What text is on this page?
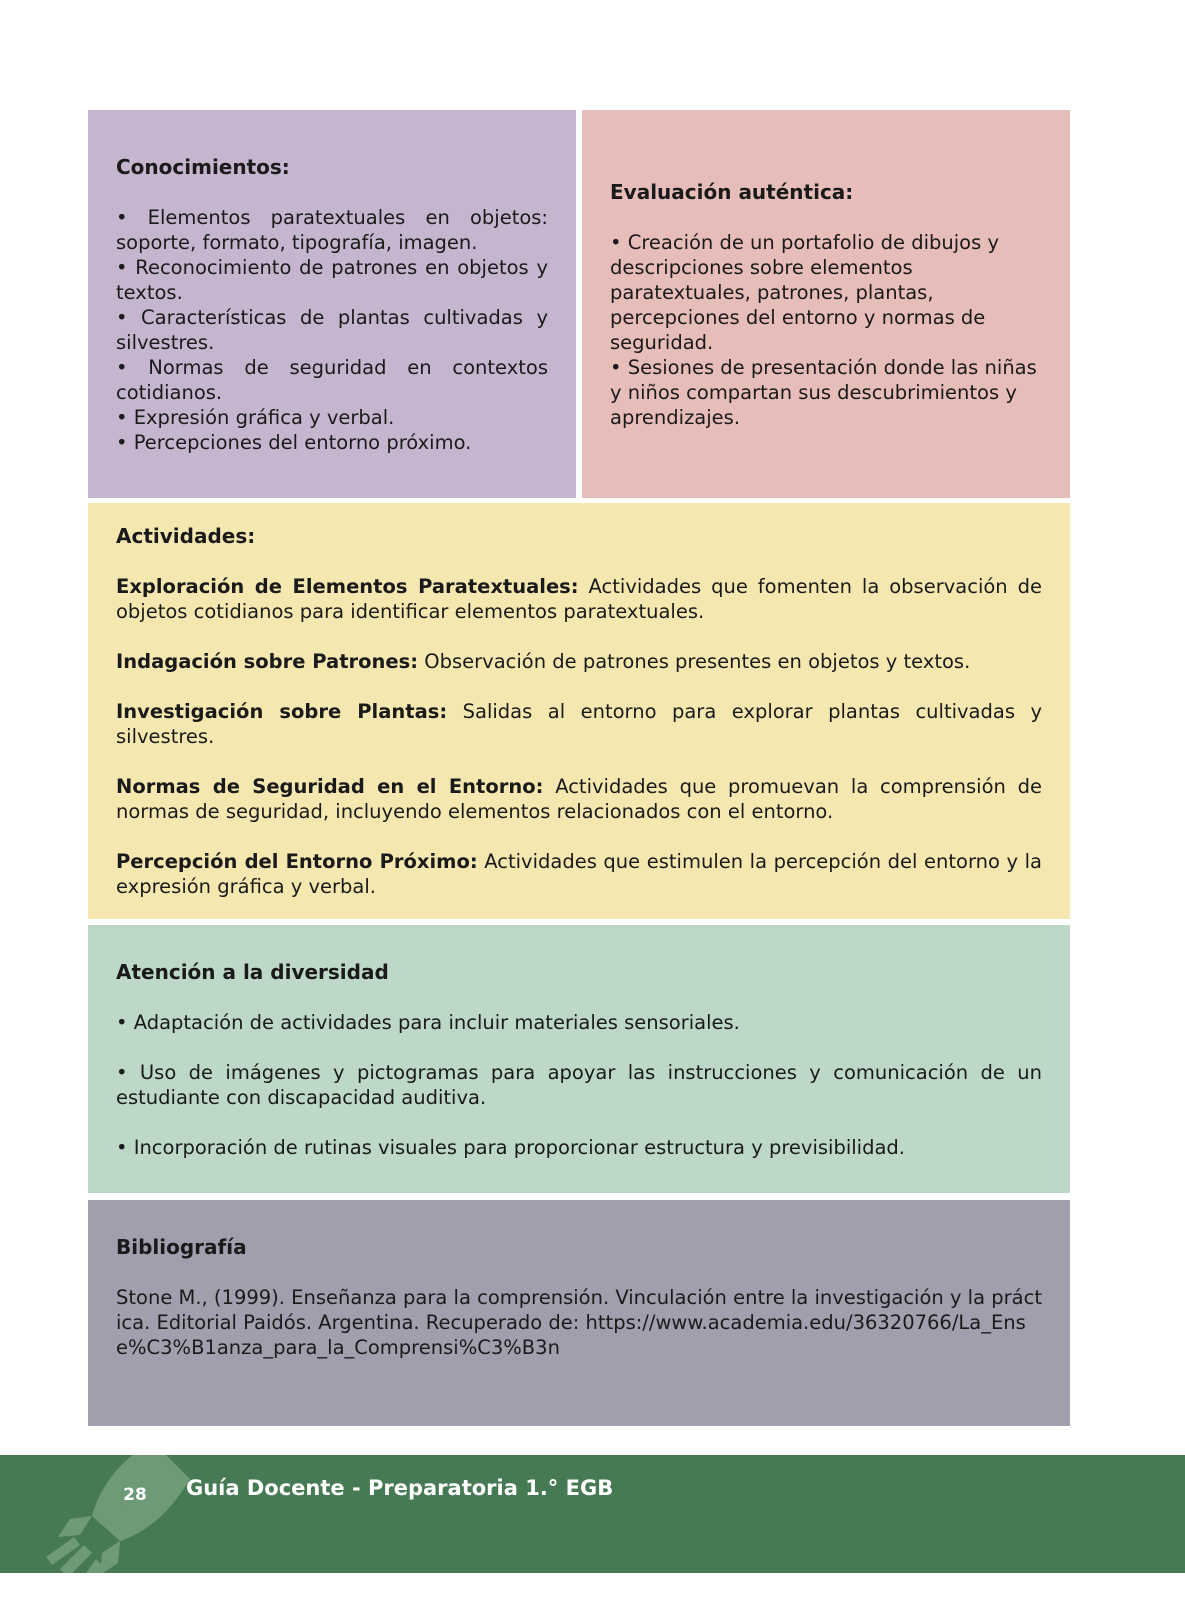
Conocimientos:

• Elementos paratextuales en objetos: soporte, formato, tipografía, imagen.

• Reconocimiento de patrones en objetos y textos.

• Características de plantas cultivadas y silvestres.

• Normas de seguridad en contextos cotidianos.

• Expresión gráfica y verbal.

• Percepciones del entorno próximo.

Evaluación auténtica:

• Creación de un portafolio de dibujos y descripciones sobre elementos paratextuales, patrones, plantas, percepciones del entorno y normas de seguridad.

• Sesiones de presentación donde las niñas y niños compartan sus descubrimientos y aprendizajes.

Actividades:

Exploración de Elementos Paratextuales: Actividades que fomenten la observación de objetos cotidianos para identificar elementos paratextuales.

Indagación sobre Patrones: Observación de patrones presentes en objetos y textos.

Investigación sobre Plantas: Salidas al entorno para explorar plantas cultivadas y silvestres.

Normas de Seguridad en el Entorno: Actividades que promuevan la comprensión de normas de seguridad, incluyendo elementos relacionados con el entorno.

Percepción del Entorno Próximo: Actividades que estimulen la percepción del entorno y la expresión gráfica y verbal.

Atención a la diversidad

• Adaptación de actividades para incluir materiales sensoriales.

• Uso de imágenes y pictogramas para apoyar las instrucciones y comunicación de un estudiante con discapacidad auditiva.

• Incorporación de rutinas visuales para proporcionar estructura y previsibilidad.

Bibliografía

Stone M., (1999). Enseñanza para la comprensión. Vinculación entre la investigación y la práctica. Editorial Paidós. Argentina. Recuperado de: https://www.academia.edu/36320766/La_Ense%C3%B1anza_para_la_Comprensi%C3%B3n

28 Guía Docente - Preparatoria 1.° EGB
